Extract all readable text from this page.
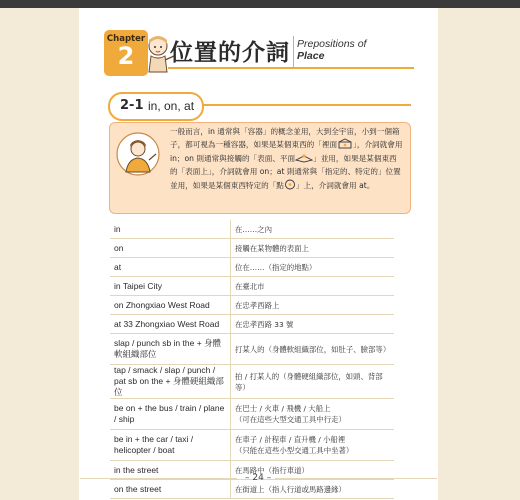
Chapter
2	位置的介詞 Prepositions of
Place
2-1 in, on, at
一般而言，in 通常與「容器」的概念並用，大到全宇宙，小到一個箱子，都可視為一種容器，如果是某個東西的「裡面 」，介詞就會用 in；on 則通常與接觸的「表面、平面 」並用，如果是某個東西的「表面上」，介詞就會用 on；at 則通常與「指定的、特定的」位置並用，如果是某個東西特定的「點 」上，介詞就會用 at。
in	在……之內
on	接觸在某物體的表面上
at	位在……（指定的地點）
in Taipei City	在臺北市
on Zhongxiao West Road	在忠孝西路上
at 33 Zhongxiao West Road	在忠孝西路 33 號
slap / punch sb in the + 身體軟組織部位	打某人的（身體軟組織部位，如肚子、臉部等）
tap / smack / slap / punch / pat sb on the + 身體硬組織部位	拍 / 打某人的（身體硬組織部位，如頭、背部等）
be on + the bus / train / plane / ship	在巴士 / 火車 / 飛機 / 大船上
（可在這些大型交通工具中行走）

be in + the car / taxi / helicopter / boat	在車子 / 計程車 / 直升機 / 小船裡
（只能在這些小型交通工具中坐著）

in the street	在馬路中（指行車道）
on the street	在街道上（指人行道或馬路邊緣）
– 24 –
